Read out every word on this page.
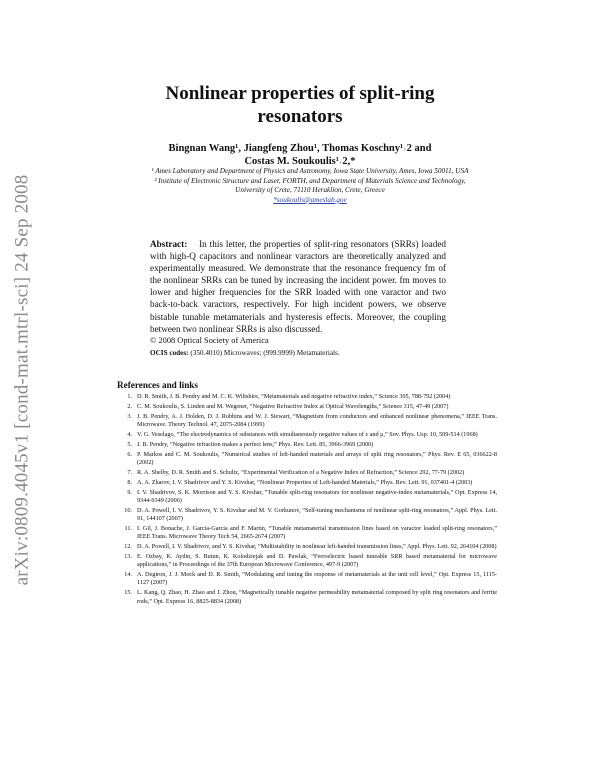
arXiv:0809.4045v1 [cond-mat.mtrl-sci] 24 Sep 2008
Nonlinear properties of split-ring
resonators
Bingnan Wang¹, Jiangfeng Zhou¹, Thomas Koschny¹˒2 and
Costas M. Soukoulis¹˒2,*

¹ Ames Laboratory and Department of Physics and Astronomy, Iowa State University, Ames, Iowa 50011, USA

² Institute of Electronic Structure and Laser, FORTH, and Department of Materials Science and Technology, University of Crete, 71110 Heraklion, Crete, Greece

*soukoulis@ameslab.gov

Abstract: In this letter, the properties of split-ring resonators (SRRs) loaded with high-Q capacitors and nonlinear varactors are theoretically analyzed and experimentally measured. We demonstrate that the resonance frequency fm of the nonlinear SRRs can be tuned by increasing the incident power. fm moves to lower and higher frequencies for the SRR loaded with one varactor and two back-to-back varactors, respectively. For high incident powers, we observe bistable tunable metamaterials and hysteresis effects. Moreover, the coupling between two nonlinear SRRs is also discussed.

© 2008 Optical Society of America
OCIS codes: (350.4010) Microwaves; (999.9999) Metamaterials.
References and links
1. D. R. Smith, J. B. Pendry and M. C. K. Wiltshire, “Metamaterials and negative refractive index,” Science 305, 788-792 (2004)
2. C. M. Soukoulis, S. Linden and M. Wegener, “Negative Refractive Index at Optical Wavelengths,” Science 315, 47-49 (2007)
3. J. B. Pendry, A. J. Holden, D. J. Robbins and W. J. Stewart, “Magnetism from conductors and enhanced nonlinear phenomena,” IEEE Trans. Microwave. Theory Technol. 47, 2075-2084 (1999)
4. V. G. Veselago, “The electrodynamics of substances with simultaneously negative values of ε and μ,” Sov. Phys. Usp. 10, 509-514 (1968)
5. J. B. Pendry, “Negative refraction makes a perfect lens,” Phys. Rev. Lett. 85, 3966-3969 (2000)
6. P. Markos and C. M. Soukoulis, “Numerical studies of left-handed materials and arrays of split ring resonators,” Phys. Rev. E 65, 036622-8 (2002)
7. R. A. Shelby, D. R. Smith and S. Schultz, “Experimental Verification of a Negative Index of Refraction,” Science 292, 77-79 (2002)
8. A. A. Zharov, I. V. Shadrivov and Y. S. Kivshar, “Nonlinear Properties of Left-handed Materials,” Phys. Rev. Lett. 91, 037401-4 (2003)
9. I. V. Shadrivov, S. K. Morrison and Y. S. Kivshar, “Tunable split-ring resonators for nonlinear negative-index metamaterials,” Opt. Express 14, 9344-9349 (2006)
10. D. A. Powell, I. V. Shadrivov, Y. S. Kivshar and M. V. Gorkunov, “Self-tuning mechanisms of nonlinear split-ring resonators,” Appl. Phys. Lett. 91, 144107 (2007)
11. I. Gil, J. Bonache, J. Garcia-Garcia and F. Martin, “Tunable metamaterial transmission lines based on varactor loaded split-ring resonators,” IEEE Trans. Microwave Theory Tech 54, 2665-2674 (2007)
12. D. A. Powell, I. V. Shadrivov, and Y. S. Kivshar, “Multistability in nonlinear left-handed transmission lines,” Appl. Phys. Lett. 92, 264104 (2008)
13. E. Ozbay, K. Aydin, S. Butun, K. Kolodziejak and D. Pawlak, “Ferroelectric based tuneable SRR based metamaterial for microwave applications,” in Proceedings of the 37th European Microwave Conference, 497-9 (2007)
14. A. Degiron, J. J. Mock and D. R. Smith, “Modulating and tuning the response of metamaterials at the unit cell level,” Opt. Express 15, 1115-1127 (2007)
15. L. Kang, Q. Zhao, H. Zhao and J. Zhou, “Magnetically tunable negative permeability metamaterial composed by split ring resonators and ferrite rods,” Opt. Express 16, 8825-8834 (2008)
